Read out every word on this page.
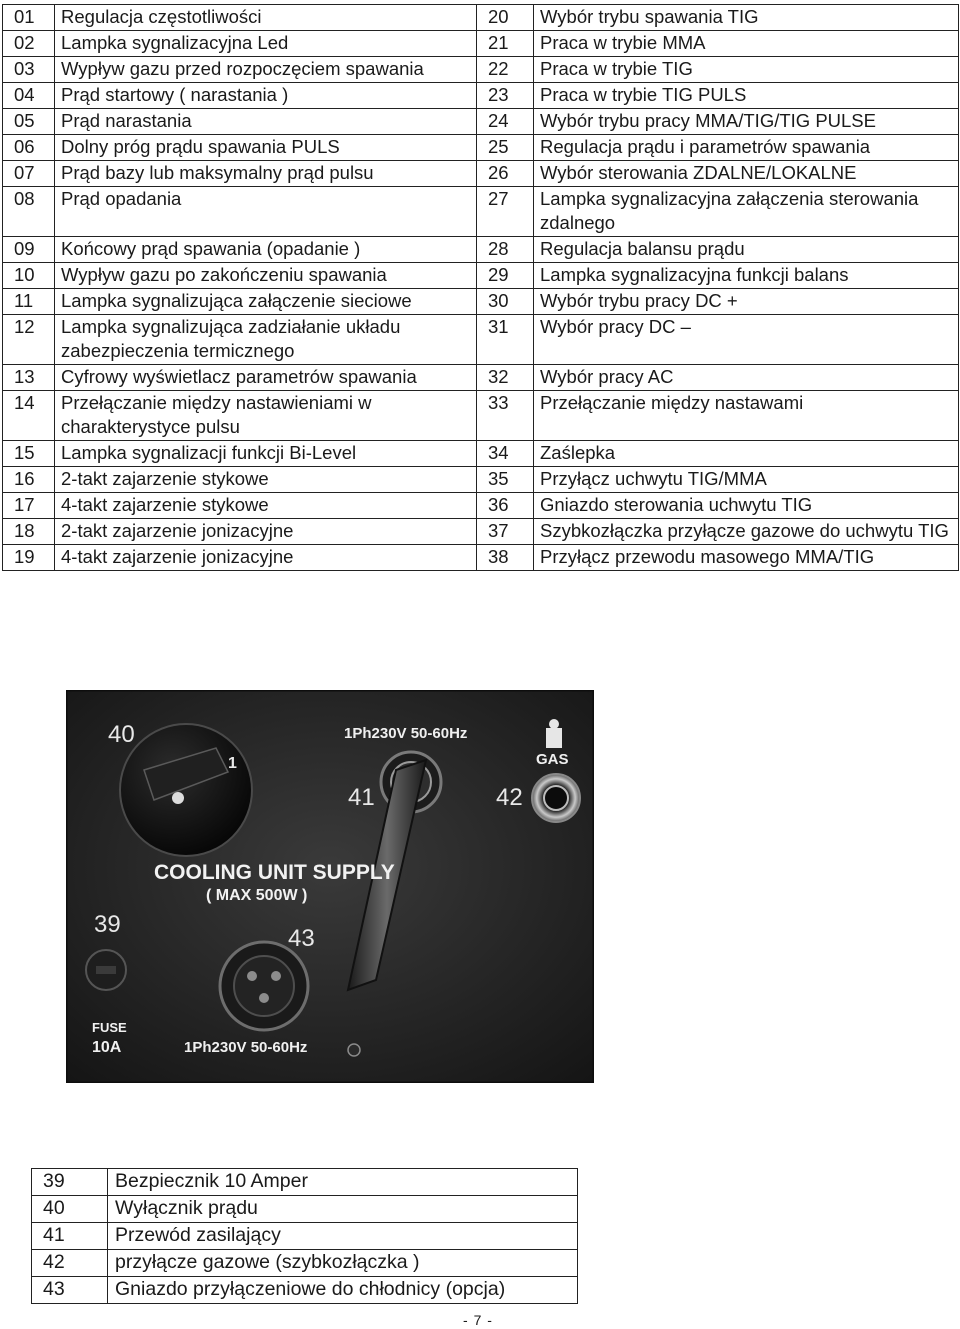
01	Regulacja częstotliwości	20	Wybór trybu spawania TIG
02	Lampka sygnalizacyjna Led	21	Praca w trybie MMA
03	Wypływ gazu przed rozpoczęciem spawania	22	Praca w trybie TIG
04	Prąd startowy ( narastania )	23	Praca w trybie TIG PULS
05	Prąd narastania	24	Wybór trybu pracy MMA/TIG/TIG PULSE
06	Dolny próg prądu spawania PULS	25	Regulacja prądu i parametrów spawania
07	Prąd bazy lub maksymalny prąd pulsu	26	Wybór sterowania ZDALNE/LOKALNE
08	Prąd opadania	27	Lampka sygnalizacyjna załączenia sterowania zdalnego
09	Końcowy prąd spawania (opadanie )	28	Regulacja balansu prądu
10	Wypływ gazu po zakończeniu spawania	29	Lampka sygnalizacyjna funkcji balans
11	Lampka sygnalizująca załączenie sieciowe	30	Wybór trybu pracy DC +
12	Lampka sygnalizująca zadziałanie układu zabezpieczenia termicznego	31	Wybór pracy DC –
13	Cyfrowy wyświetlacz parametrów spawania	32	Wybór pracy AC
14	Przełączanie między nastawieniami w charakterystyce pulsu	33	Przełączanie między nastawami
15	Lampka sygnalizacji funkcji Bi-Level	34	Zaślepka
16	2-takt zajarzenie stykowe	35	Przyłącz uchwytu TIG/MMA
17	4-takt zajarzenie stykowe	36	Gniazdo sterowania uchwytu TIG
18	2-takt zajarzenie jonizacyjne	37	Szybkozłączka przyłącze gazowe do uchwytu TIG
19	4-takt zajarzenie jonizacyjne	38	Przyłącz przewodu masowego MMA/TIG
40
1
41	42
39
43
1Ph230V 50-60Hz
GAS
COOLING UNIT SUPPLY
( MAX 500W )
FUSE
10A	1Ph230V 50-60Hz
39	Bezpiecznik 10 Amper
40	Wyłącznik prądu
41	Przewód zasilający
42	przyłącze gazowe (szybkozłączka )
43	Gniazdo przyłączeniowe do chłodnicy (opcja)
- 7 -
